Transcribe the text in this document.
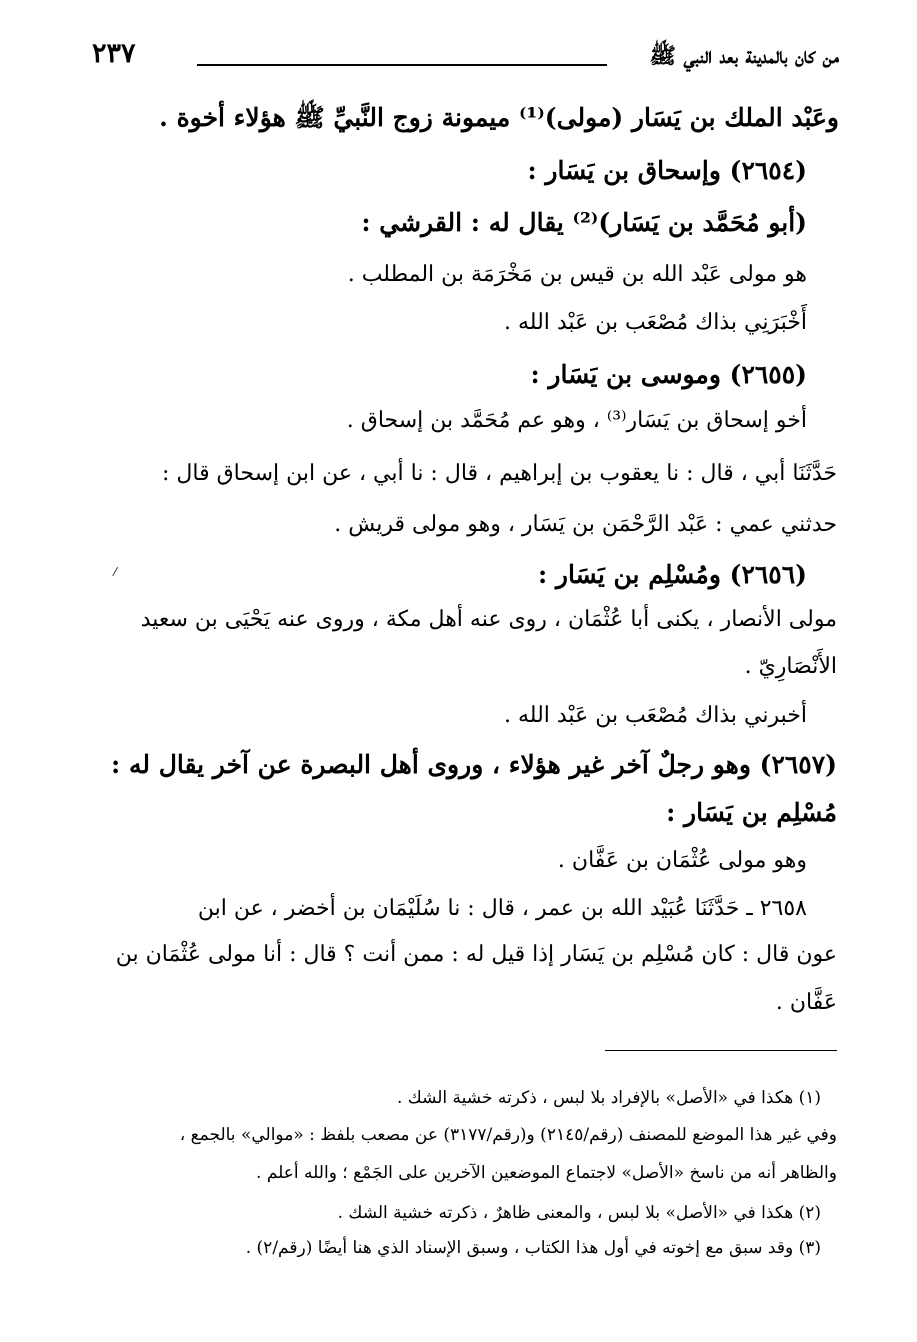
من كان بالمدينة بعد النبي ﷺ
٢٣٧
وعَبْد الملك بن يَسَار (مولى)⁽¹⁾ ميمونة زوج النَّبيِّ ﷺ هؤلاء أخوة .
(٢٦٥٤) وإسحاق بن يَسَار :
(أبو مُحَمَّد بن يَسَار)⁽²⁾ يقال له : القرشي :
هو مولى عَبْد الله بن قيس بن مَخْرَمَة بن المطلب .
أَخْبَرَنِي بذاك مُصْعَب بن عَبْد الله .
(٢٦٥٥) وموسى بن يَسَار :
أخو إسحاق بن يَسَار⁽³⁾ ، وهو عم مُحَمَّد بن إسحاق .
حَدَّثَنَا أبي ، قال : نا يعقوب بن إبراهيم ، قال : نا أبي ، عن ابن إسحاق قال :
حدثني عمي : عَبْد الرَّحْمَن بن يَسَار ، وهو مولى قريش .
(٢٦٥٦) ومُسْلِم بن يَسَار :
مولى الأنصار ، يكنى أبا عُثْمَان ، روى عنه أهل مكة ، وروى عنه يَحْيَى بن سعيد
الأَنْصَارِيّ .
أخبرني بذاك مُصْعَب بن عَبْد الله .
(٢٦٥٧) وهو رجلٌ آخر غير هؤلاء ، وروى أهل البصرة عن آخر يقال له :
مُسْلِم بن يَسَار :
وهو مولى عُثْمَان بن عَفَّان .
٢٦٥٨ ـ حَدَّثَنَا عُبَيْد الله بن عمر ، قال : نا سُلَيْمَان بن أخضر ، عن ابن
عون قال : كان مُسْلِم بن يَسَار إذا قيل له : ممن أنت ؟ قال : أنا مولى عُثْمَان بن
عَفَّان .
(١) هكذا في «الأصل» بالإفراد بلا لبس ، ذكرته خشية الشك .
وفي غير هذا الموضع للمصنف (رقم/٢١٤٥) و(رقم/٣١٧٧) عن مصعب بلفظ : «موالي» بالجمع ،
والظاهر أنه من ناسخ «الأصل» لاجتماع الموضعين الآخرين على الجَمْع ؛ والله أعلم .
(٢) هكذا في «الأصل» بلا لبس ، والمعنى ظاهرٌ ، ذكرته خشية الشك .
(٣) وقد سبق مع إخوته في أول هذا الكتاب ، وسبق الإسناد الذي هنا أيضًا (رقم/٢) .
